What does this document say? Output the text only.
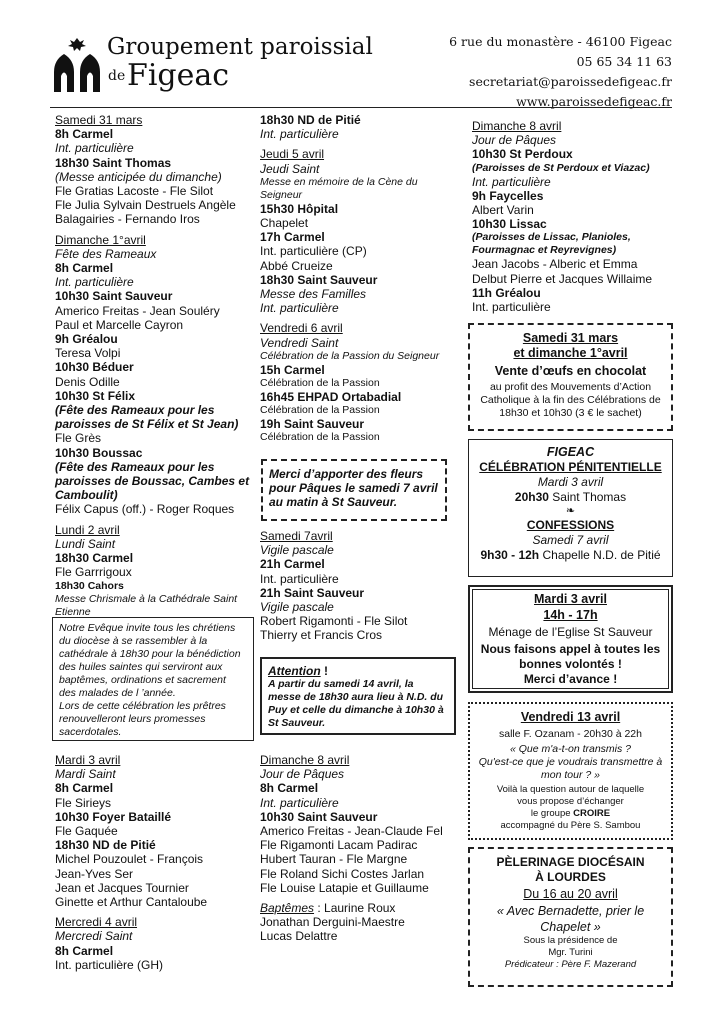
Groupement paroissial
de Figeac
6 rue du monastère - 46100 Figeac
05 65 34 11 63
secretariat@paroissedefigeac.fr
www.paroissedefigeac.fr
Samedi 31 mars
8h Carmel
Int. particulière
18h30 Saint Thomas
(Messe anticipée du dimanche)
Fle Gratias Lacoste - Fle Silot
Fle Julia Sylvain Destruels Angèle
Balagairies - Fernando Iros
Dimanche 1°avril
Fête des Rameaux
8h Carmel
Int. particulière
10h30 Saint Sauveur
Americo Freitas - Jean Souléry
Paul et Marcelle Cayron
9h Gréalou
Teresa Volpi
10h30 Béduer
Denis Odille
10h30 St Félix
(Fête des Rameaux pour les
paroisses de St Félix et St Jean)
Fle Grès
10h30 Boussac
(Fête des Rameaux pour les
paroisses de Boussac, Cambes et
Camboulit)
Félix Capus (off.) - Roger Roques
Lundi 2 avril
Lundi Saint
18h30 Carmel
Fle Garrrigoux
18h30 Cahors
Messe Chrismale à la Cathédrale Saint
Etienne
Notre Evêque invite tous les chrétiens
du diocèse à se rassembler à la
cathédrale à 18h30 pour la bénédiction
des huiles saintes qui serviront aux
baptêmes, ordinations et sacrement
des malades de l ’année.
Lors de cette célébration les prêtres
renouvelleront leurs promesses
sacerdotales.
Mardi 3 avril
Mardi Saint
8h Carmel
Fle Sirieys
10h30 Foyer Bataillé
Fle Gaquée
18h30 ND de Pitié
Michel Pouzoulet - François
Jean-Yves Ser
Jean et Jacques Tournier
Ginette et Arthur Cantaloube
Mercredi 4 avril
Mercredi Saint
8h Carmel
Int. particulière (GH)
18h30 ND de Pitié
Int. particulière
Jeudi 5 avril
Jeudi Saint
Messe en mémoire de la Cène du
Seigneur
15h30 Hôpital
Chapelet
17h Carmel
Int. particulière (CP)
Abbé Crueize
18h30 Saint Sauveur
Messe des Familles
Int. particulière
Vendredi 6 avril
Vendredi Saint
Célébration de la Passion du Seigneur
15h Carmel
Célébration de la Passion
16h45 EHPAD Ortabadial
Célébration de la Passion
19h Saint Sauveur
Célébration de la Passion
Merci d’apporter des fleurs
pour Pâques le samedi 7 avril
au matin à St Sauveur.
Samedi 7avril
Vigile pascale
21h Carmel
Int. particulière
21h Saint Sauveur
Vigile pascale
Robert Rigamonti - Fle Silot
Thierry et Francis Cros
Attention !
A partir du samedi 14 avril, la
messe de 18h30 aura lieu à N.D. du
Puy et celle du dimanche à 10h30 à
St Sauveur.
Dimanche 8 avril
Jour de Pâques
8h Carmel
Int. particulière
10h30 Saint Sauveur
Americo Freitas - Jean-Claude Fel
Fle Rigamonti Lacam Padirac
Hubert Tauran - Fle Margne
Fle Roland Sichi Costes Jarlan
Fle Louise Latapie et Guillaume
Baptêmes : Laurine Roux
Jonathan Derguini-Maestre
Lucas Delattre
Dimanche 8 avril
Jour de Pâques
10h30 St Perdoux
(Paroisses de St Perdoux et Viazac)
Int. particulière
9h Faycelles
Albert Varin
10h30 Lissac
(Paroisses de Lissac, Planioles,
Fourmagnac et Reyrevignes)
Jean Jacobs - Alberic et Emma
Delbut Pierre et Jacques Willaime
11h Gréalou
Int. particulière
Samedi 31 mars
et dimanche 1°avril
Vente d’œufs en chocolat
au profit des Mouvements d’Action
Catholique à la fin des Célébrations de
18h30 et 10h30 (3 € le sachet)
FIGEAC
CÉLÉBRATION PÉNITENTIELLE
Mardi 3 avril
20h30 Saint Thomas
❧
CONFESSIONS
Samedi 7 avril
9h30 - 12h Chapelle N.D. de Pitié
Mardi 3 avril
14h - 17h
Ménage de l’Eglise St Sauveur
Nous faisons appel à toutes les
bonnes volontés !
Merci d’avance !
Vendredi 13 avril
salle F. Ozanam - 20h30 à 22h
« Que m'a-t-on transmis ?
Qu'est-ce que je voudrais transmettre à
mon tour ? »
Voilà la question autour de laquelle
vous propose d’échanger
le groupe CROIRE
accompagné du Père S. Sambou
PÈLERINAGE DIOCÉSAIN
À LOURDES
Du 16 au 20 avril
« Avec Bernadette, prier le
Chapelet »
Sous la présidence de
Mgr. Turini
Prédicateur : Père F. Mazerand
